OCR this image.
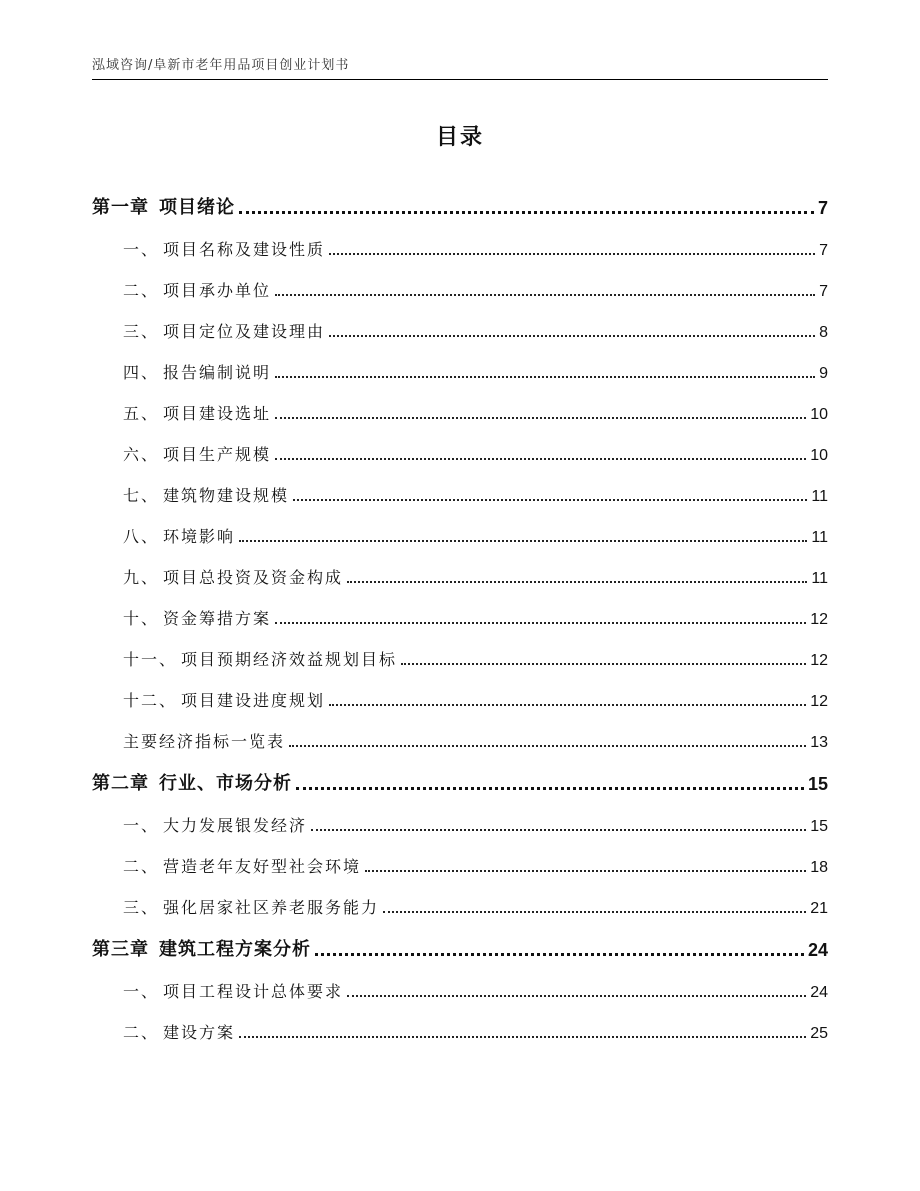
泓域咨询/阜新市老年用品项目创业计划书
目录
第一章 项目绪论	7
一、 项目名称及建设性质	7
二、 项目承办单位	7
三、 项目定位及建设理由	8
四、 报告编制说明	9
五、 项目建设选址	10
六、 项目生产规模	10
七、 建筑物建设规模	11
八、 环境影响	11
九、 项目总投资及资金构成	11
十、 资金筹措方案	12
十一、 项目预期经济效益规划目标	12
十二、 项目建设进度规划	12
主要经济指标一览表	13
第二章 行业、市场分析	15
一、 大力发展银发经济	15
二、 营造老年友好型社会环境	18
三、 强化居家社区养老服务能力	21
第三章 建筑工程方案分析	24
一、 项目工程设计总体要求	24
二、 建设方案	25
